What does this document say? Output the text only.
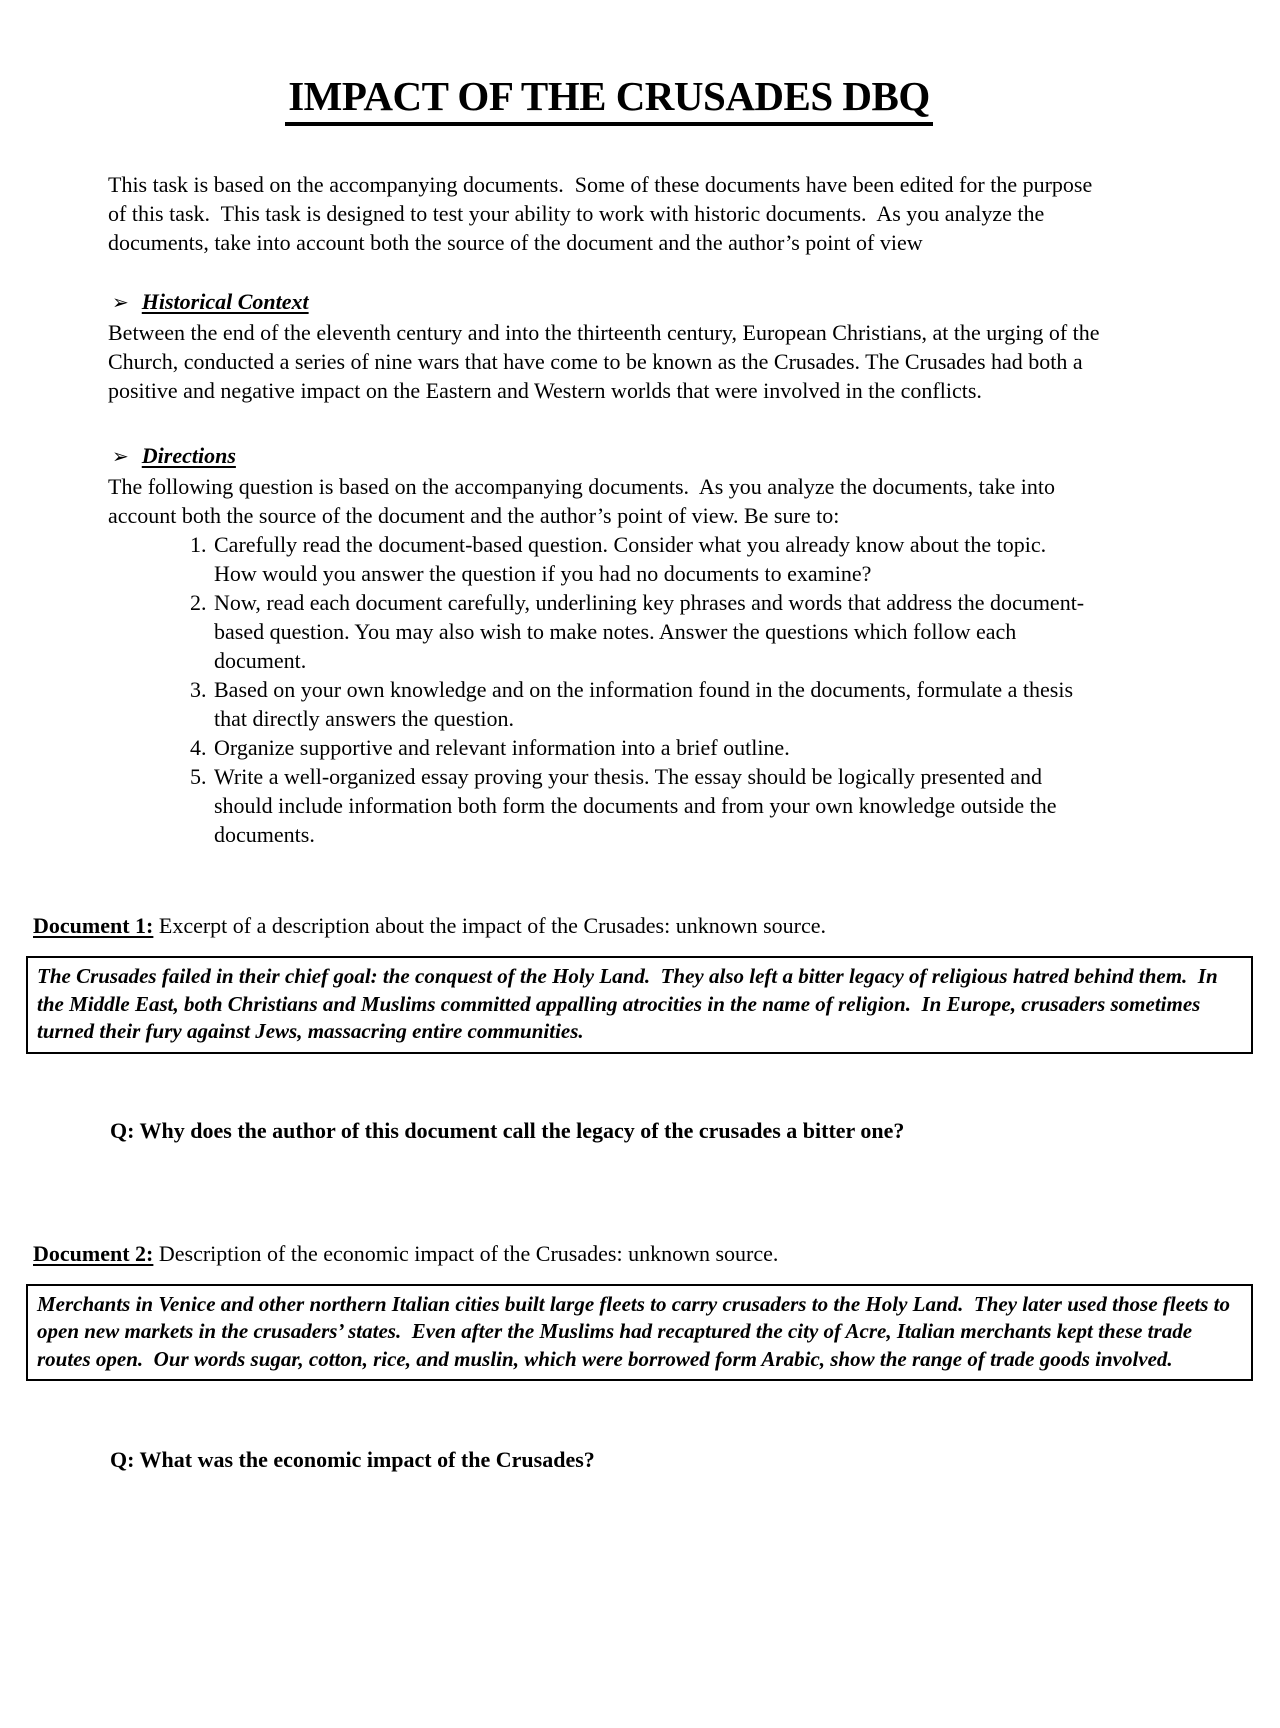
IMPACT OF THE CRUSADES DBQ

This task is based on the accompanying documents.  Some of these documents have been edited for the purpose of this task.  This task is designed to test your ability to work with historic documents.  As you analyze the documents, take into account both the source of the document and the author’s point of view

➢ Historical Context

Between the end of the eleventh century and into the thirteenth century, European Christians, at the urging of the Church, conducted a series of nine wars that have come to be known as the Crusades. The Crusades had both a positive and negative impact on the Eastern and Western worlds that were involved in the conflicts.

➢ Directions

The following question is based on the accompanying documents.  As you analyze the documents, take into account both the source of the document and the author’s point of view. Be sure to:

1. Carefully read the document-based question. Consider what you already know about the topic. How would you answer the question if you had no documents to examine?
2. Now, read each document carefully, underlining key phrases and words that address the document-based question. You may also wish to make notes. Answer the questions which follow each document.
3. Based on your own knowledge and on the information found in the documents, formulate a thesis that directly answers the question.
4. Organize supportive and relevant information into a brief outline.
5. Write a well-organized essay proving your thesis. The essay should be logically presented and should include information both form the documents and from your own knowledge outside the documents.

Document 1: Excerpt of a description about the impact of the Crusades: unknown source.

The Crusades failed in their chief goal: the conquest of the Holy Land.  They also left a bitter legacy of religious hatred behind them.  In the Middle East, both Christians and Muslims committed appalling atrocities in the name of religion.  In Europe, crusaders sometimes turned their fury against Jews, massacring entire communities.

Q: Why does the author of this document call the legacy of the crusades a bitter one?

Document 2: Description of the economic impact of the Crusades: unknown source.

Merchants in Venice and other northern Italian cities built large fleets to carry crusaders to the Holy Land.  They later used those fleets to open new markets in the crusaders’ states.  Even after the Muslims had recaptured the city of Acre, Italian merchants kept these trade routes open.  Our words sugar, cotton, rice, and muslin, which were borrowed form Arabic, show the range of trade goods involved.

Q: What was the economic impact of the Crusades?
